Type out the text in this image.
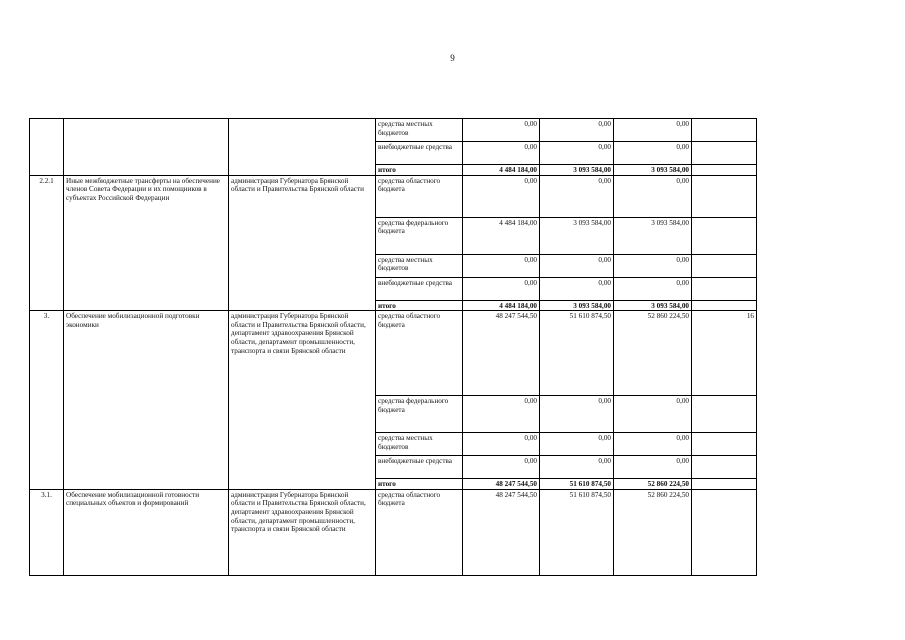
9
			средства местных бюджетов	0,00	0,00	0,00	
			внебюджетные средства	0,00	0,00	0,00	
			итого	4 484 184,00	3 093 584,00	3 093 584,00	
2.2.1	Иные межбюджетные трансферты на обеспечение членов Совета Федерации и их помощников в субъектах Российской Федерации	администрация Губернатора Брянской области и Правительства Брянской области	средства областного бюджета	0,00	0,00	0,00	
			средства федерального бюджета	4 484 184,00	3 093 584,00	3 093 584,00	
			средства местных бюджетов	0,00	0,00	0,00	
			внебюджетные средства	0,00	0,00	0,00	
			итого	4 484 184,00	3 093 584,00	3 093 584,00	
3.	Обеспечение мобилизационной подготовки экономики	администрация Губернатора Брянской области и Правительства Брянской области, департамент здравоохранения Брянской области, департамент промышленности, транспорта и связи Брянской области	средства областного бюджета	48 247 544,50	51 610 874,50	52 860 224,50	16
			средства федерального бюджета	0,00	0,00	0,00	
			средства местных бюджетов	0,00	0,00	0,00	
			внебюджетные средства	0,00	0,00	0,00	
			итого	48 247 544,50	51 610 874,50	52 860 224,50	
3.1.	Обеспечение мобилизационной готовности специальных объектов и формирований	администрация Губернатора Брянской области и Правительства Брянской области, департамент здравоохранения Брянской области, департамент промышленности, транспорта и связи Брянской области	средства областного бюджета	48 247 544,50	51 610 874,50	52 860 224,50	
